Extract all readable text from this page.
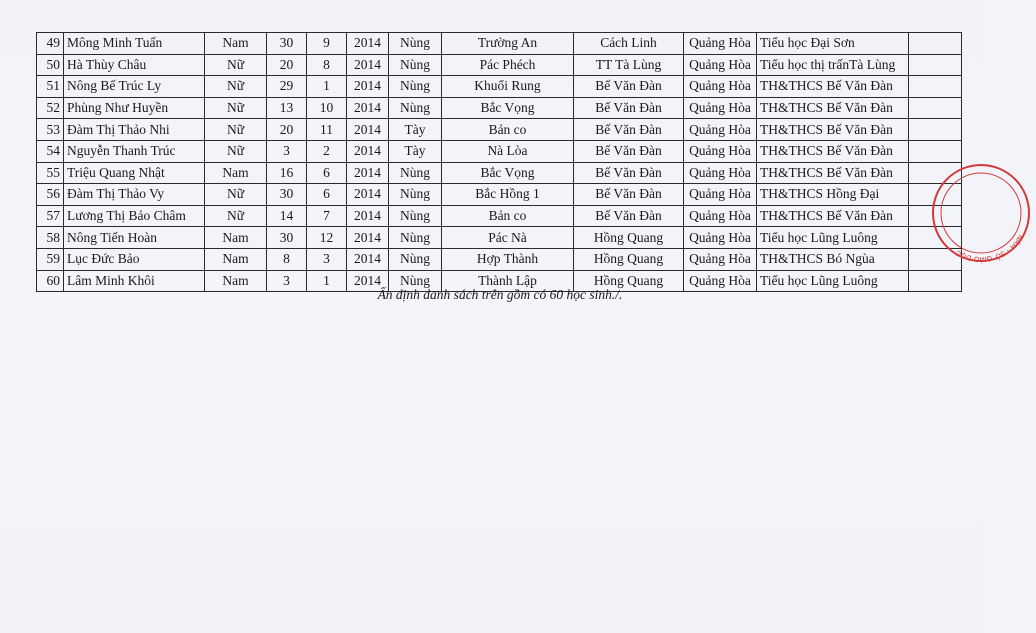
49	Mông Minh Tuấn	Nam	30	9	2014	Nùng	Trường An	Cách Linh	Quảng Hòa	Tiểu học Đại Sơn	
50	Hà Thùy Châu	Nữ	20	8	2014	Nùng	Pác Phéch	TT Tà Lùng	Quảng Hòa	Tiểu học thị trấnTà Lùng	
51	Nông Bế Trúc Ly	Nữ	29	1	2014	Nùng	Khuổi Rung	Bế Văn Đàn	Quảng Hòa	TH&THCS Bế Văn Đàn	
52	Phùng Như Huyền	Nữ	13	10	2014	Nùng	Bắc Vọng	Bế Văn Đàn	Quảng Hòa	TH&THCS Bế Văn Đàn	
53	Đàm Thị Thảo Nhi	Nữ	20	11	2014	Tày	Bản co	Bế Văn Đàn	Quảng Hòa	TH&THCS Bế Văn Đàn	
54	Nguyễn Thanh Trúc	Nữ	3	2	2014	Tày	Nà Lòa	Bế Văn Đàn	Quảng Hòa	TH&THCS Bế Văn Đàn	
55	Triệu Quang Nhật	Nam	16	6	2014	Nùng	Bắc Vọng	Bế Văn Đàn	Quảng Hòa	TH&THCS Bế Văn Đàn	
56	Đàm Thị Thảo Vy	Nữ	30	6	2014	Nùng	Bắc Hồng 1	Bế Văn Đàn	Quảng Hòa	TH&THCS Hồng Đại	
57	Lương Thị Bảo Châm	Nữ	14	7	2014	Nùng	Bản co	Bế Văn Đàn	Quảng Hòa	TH&THCS Bế Văn Đàn	
58	Nông Tiến Hoàn	Nam	30	12	2014	Nùng	Pác Nà	Hồng Quang	Quảng Hòa	Tiểu học Lũng Luông	
59	Lục Đức Bảo	Nam	8	3	2014	Nùng	Hợp Thành	Hồng Quang	Quảng Hòa	TH&THCS Bó Ngùa	
60	Lâm Minh Khôi	Nam	3	1	2014	Nùng	Thành Lập	Hồng Quang	Quảng Hòa	Tiểu học Lũng Luông	
Ấn định danh sách trên gồm có 60 học sinh./.
NĂM - SỞ GIÁO DỤC
